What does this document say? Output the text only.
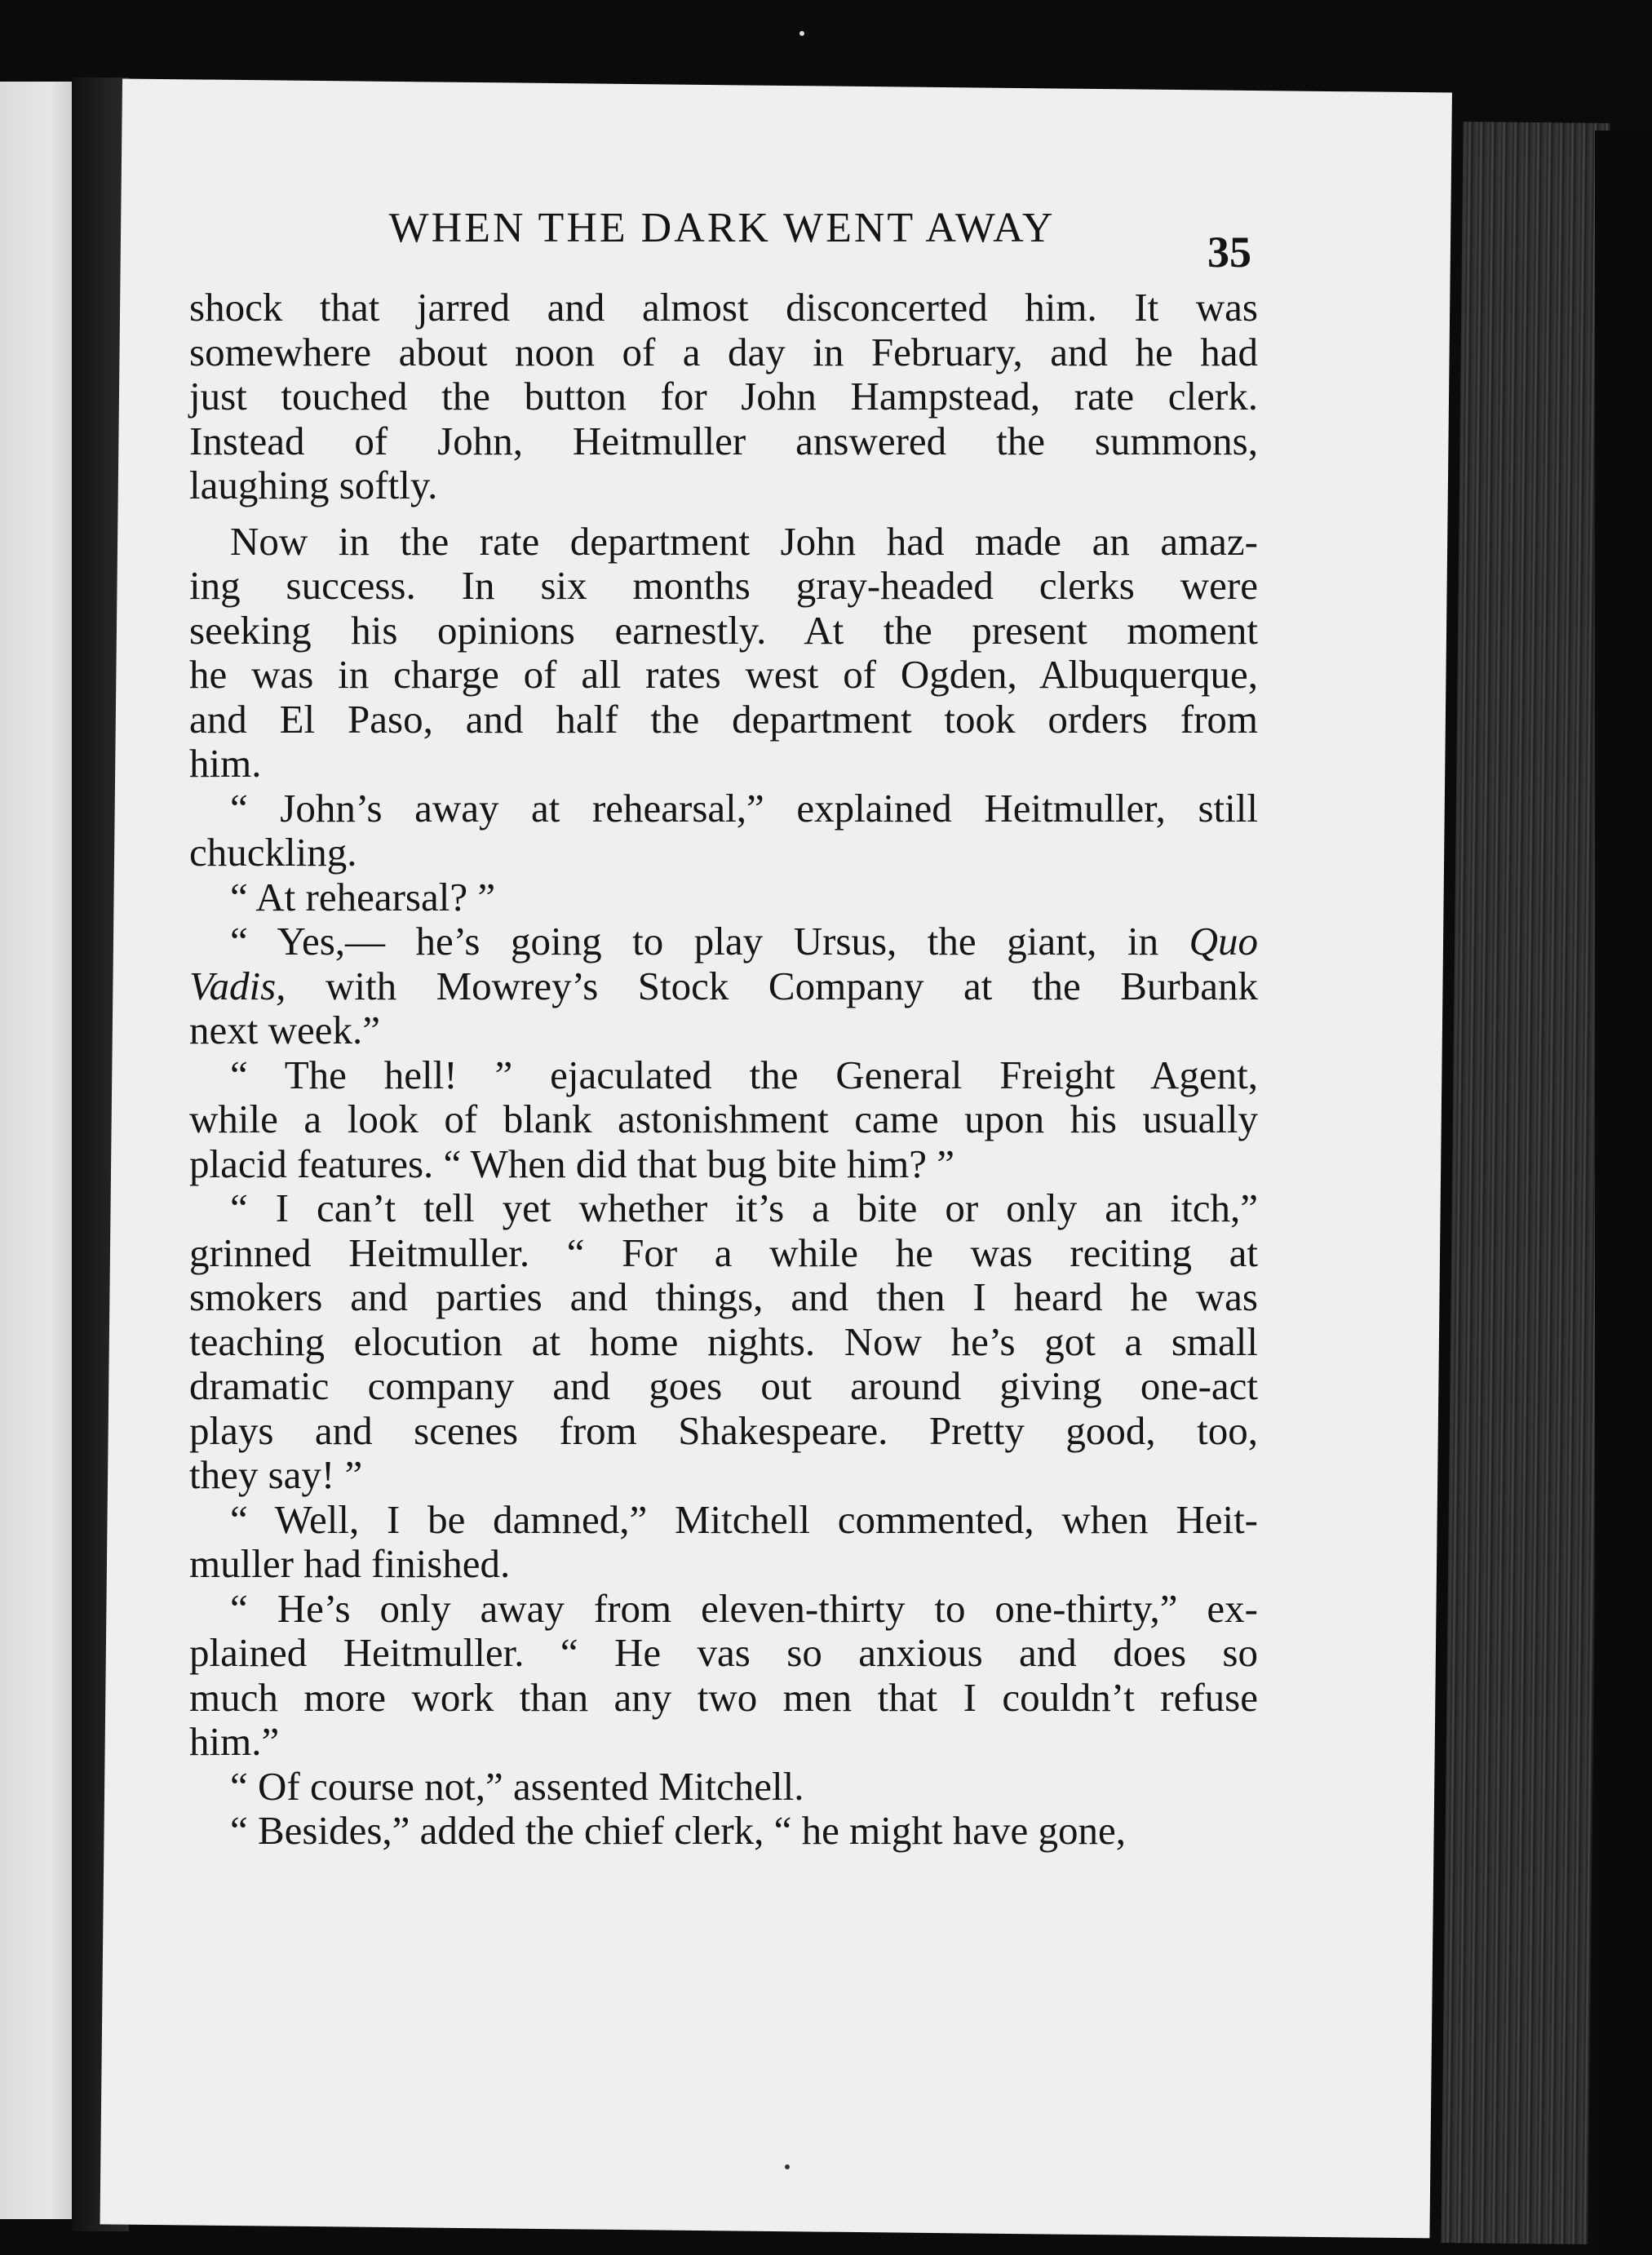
WHEN THE DARK WENT AWAY	35
shock that jarred and almost disconcerted him. It was
somewhere about noon of a day in February, and he had
just touched the button for John Hampstead, rate clerk.
Instead of John, Heitmuller answered the summons,
laughing softly.
Now in the rate department John had made an amaz-
ing success. In six months gray-headed clerks were
seeking his opinions earnestly. At the present moment
he was in charge of all rates west of Ogden, Albuquerque,
and El Paso, and half the department took orders from
him.
“ John’s away at rehearsal,” explained Heitmuller, still
chuckling.
“ At rehearsal? ”
“ Yes,— he’s going to play Ursus, the giant, in Quo
Vadis, with Mowrey’s Stock Company at the Burbank
next week.”
“ The hell! ” ejaculated the General Freight Agent,
while a look of blank astonishment came upon his usually
placid features. “ When did that bug bite him? ”
“ I can’t tell yet whether it’s a bite or only an itch,”
grinned Heitmuller. “ For a while he was reciting at
smokers and parties and things, and then I heard he was
teaching elocution at home nights. Now he’s got a small
dramatic company and goes out around giving one-act
plays and scenes from Shakespeare. Pretty good, too,
they say! ”
“ Well, I be damned,” Mitchell commented, when Heit-
muller had finished.
“ He’s only away from eleven-thirty to one-thirty,” ex-
plained Heitmuller. “ He vas so anxious and does so
much more work than any two men that I couldn’t refuse
him.”
“ Of course not,” assented Mitchell.
“ Besides,” added the chief clerk, “ he might have gone,
